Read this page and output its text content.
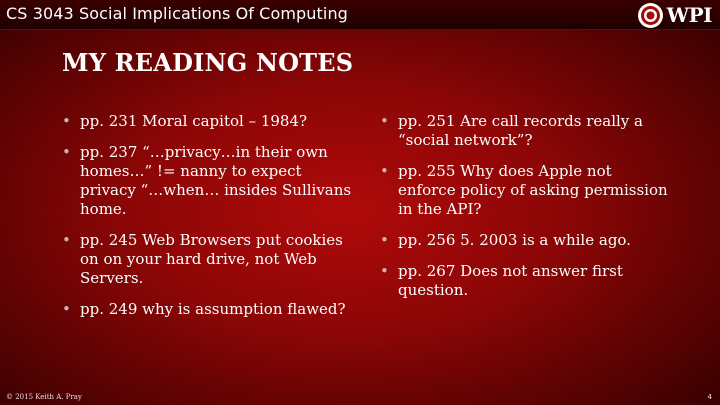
CS 3043 Social Implications Of Computing	WPI
MY READING NOTES
• pp. 231 Moral capitol – 1984?
• pp. 237 “…privacy…in their own homes…” != nanny to expect privacy “…when… insides Sullivans home.
• pp. 245 Web Browsers put cookies on on your hard drive, not Web Servers.
• pp. 249 why is assumption flawed?
• pp. 251 Are call records really a “social network”?
• pp. 255 Why does Apple not enforce policy of asking permission in the API?
• pp. 256 5. 2003 is a while ago.
• pp. 267 Does not answer first question.
© 2015 Keith A. Pray	4
